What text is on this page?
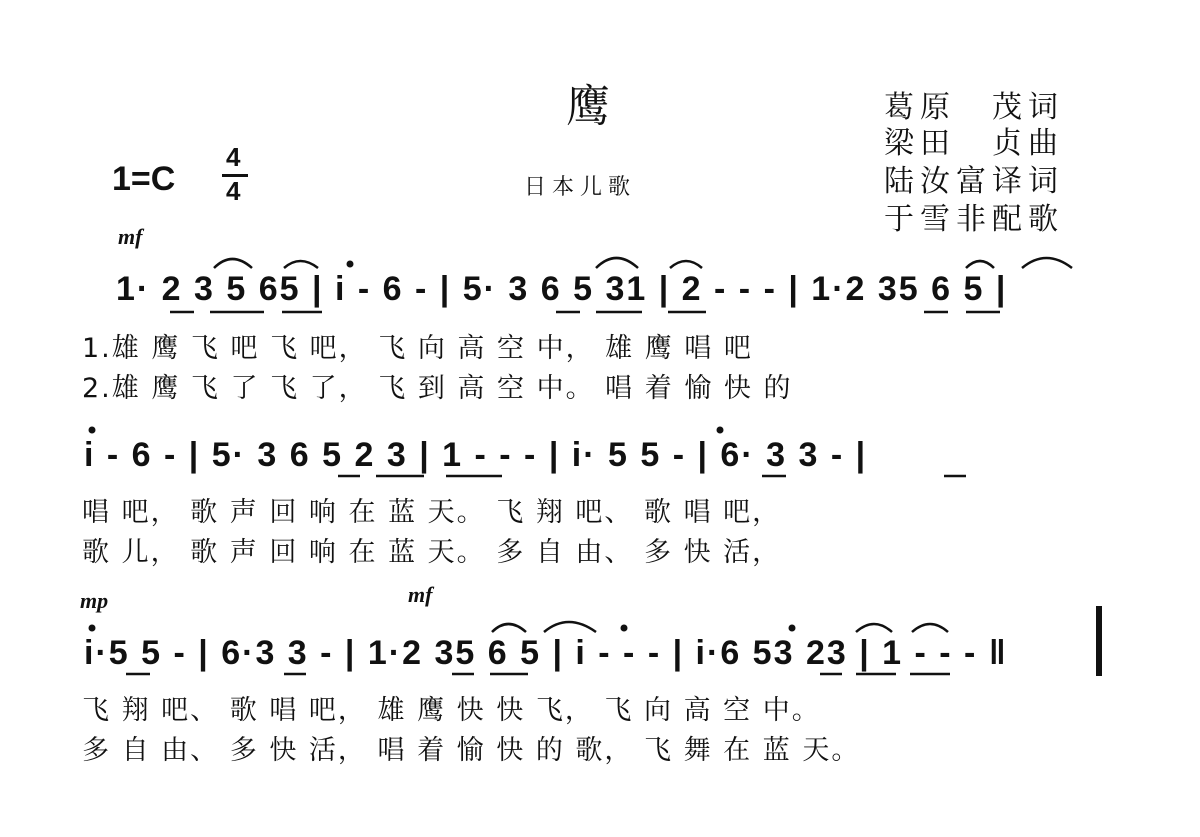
鹰	葛原　茂词
梁田　贞曲
陆汝富译词
于雪非配歌
1=C
4
4	日本儿歌
mf
mp	mf
1· 2 3 5 65 | i - 6 - | 5· 3 6 5 31 | 2 - - - | 1·2 35 6 5 |
1.雄 鹰 飞 吧 飞 吧， 飞 向 高 空 中， 雄 鹰 唱 吧
2.雄 鹰 飞 了 飞 了， 飞 到 高 空 中。 唱 着 愉 快 的
i - 6 - | 5· 3 6 5 2 3 | 1 - - - | i· 5 5 - | 6· 3 3 - |
唱 吧， 歌 声 回 响 在 蓝 天。 飞 翔 吧、 歌 唱 吧，
歌 儿， 歌 声 回 响 在 蓝 天。 多 自 由、 多 快 活，
i·5 5 - | 6·3 3 - | 1·2 35 6 5 | i - - - | i·6 53 23 | 1 - - - ‖
飞 翔 吧、 歌 唱 吧， 雄 鹰 快 快 飞， 飞 向 高 空 中。
多 自 由、 多 快 活， 唱 着 愉 快 的 歌， 飞 舞 在 蓝 天。
